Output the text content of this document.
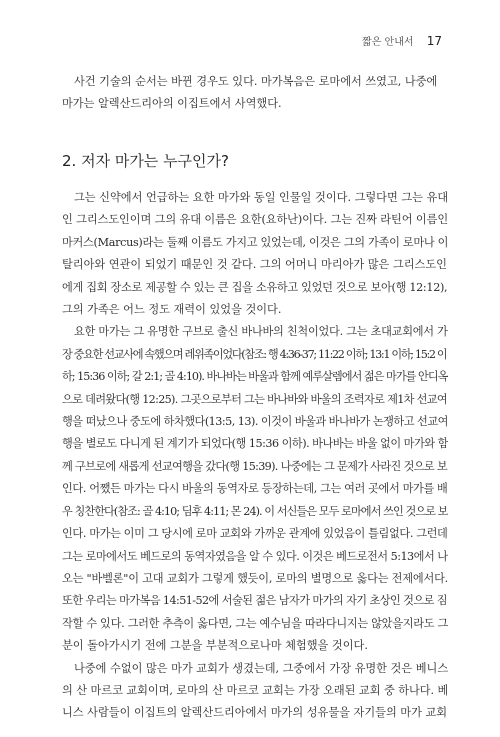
짧은 안내서 17

사건 기술의 순서는 바뀐 경우도 있다. 마가복음은 로마에서 쓰였고, 나중에

마가는 알렉산드리아의 이집트에서 사역했다.

2. 저자 마가는 누구인가?

그는 신약에서 언급하는 요한 마가와 동일 인물일 것이다. 그렇다면 그는 유대

인 그리스도인이며 그의 유대 이름은 요한(요하난)이다. 그는 진짜 라틴어 이름인

마커스(Marcus)라는 둘째 이름도 가지고 있었는데, 이것은 그의 가족이 로마나 이

탈리아와 연관이 되었기 때문인 것 같다. 그의 어머니 마리아가 많은 그리스도인

에게 집회 장소로 제공할 수 있는 큰 집을 소유하고 있었던 것으로 보아(행 12:12),

그의 가족은 어느 정도 재력이 있었을 것이다.

요한 마가는 그 유명한 구브로 출신 바나바의 친척이었다. 그는 초대교회에서 가

장 중요한 선교사에 속했으며 레위족이었다(참조: 행 4:36-37; 11:22 이하; 13:1 이하; 15:2 이

하; 15:36 이하; 갈 2:1; 골 4:10). 바나바는 바울과 함께 예루살렘에서 젊은 마가를 안디옥

으로 데려왔다(행 12:25). 그곳으로부터 그는 바나바와 바울의 조력자로 제1차 선교여

행을 떠났으나 중도에 하차했다(13:5, 13). 이것이 바울과 바나바가 논쟁하고 선교여

행을 별로도 다니게 된 계기가 되었다(행 15:36 이하). 바나바는 바울 없이 마가와 함

께 구브로에 새롭게 선교여행을 갔다(행 15:39). 나중에는 그 문제가 사라진 것으로 보

인다. 어쨌든 마가는 다시 바울의 동역자로 등장하는데, 그는 여러 곳에서 마가를 배

우 칭찬한다(참조: 골 4:10; 딤후 4:11; 몬 24). 이 서신들은 모두 로마에서 쓰인 것으로 보

인다. 마가는 이미 그 당시에 로마 교회와 가까운 관계에 있었음이 틀림없다. 그런데

그는 로마에서도 베드로의 동역자였음을 알 수 있다. 이것은 베드로전서 5:13에서 나

오는 "바벨론"이 고대 교회가 그렇게 했듯이, 로마의 별명으로 옳다는 전제에서다.

또한 우리는 마가복음 14:51-52에 서술된 젊은 남자가 마가의 자기 초상인 것으로 짐

작할 수 있다. 그러한 추측이 옳다면, 그는 예수님을 따라다니지는 않았을지라도 그

분이 돌아가시기 전에 그분을 부분적으로나마 체험했을 것이다.

나중에 수없이 많은 마가 교회가 생겼는데, 그중에서 가장 유명한 것은 베니스

의 산 마르코 교회이며, 로마의 산 마르코 교회는 가장 오래된 교회 중 하나다. 베

니스 사람들이 이집트의 알렉산드리아에서 마가의 성유물을 자기들의 마가 교회
